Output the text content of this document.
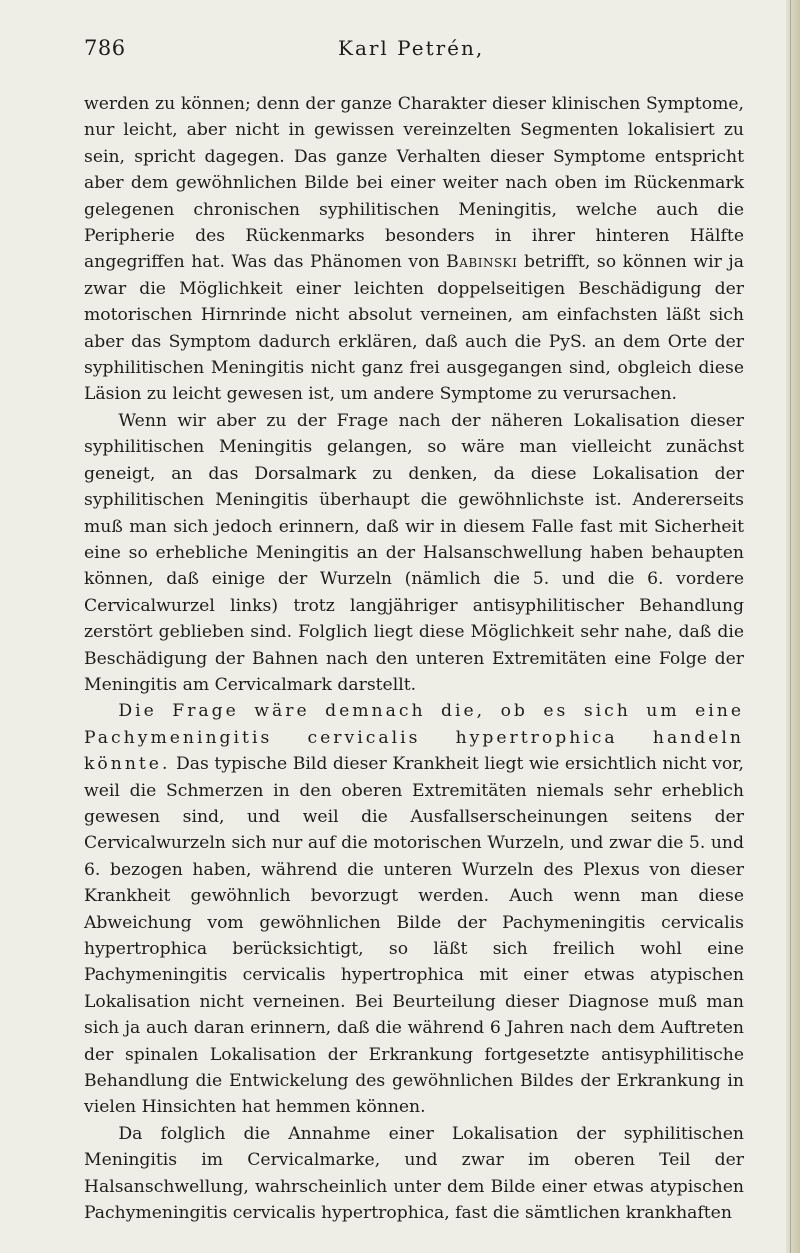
786	Karl Petrén,

werden zu können; denn der ganze Charakter dieser klinischen Symptome, nur leicht, aber nicht in gewissen vereinzelten Segmenten lokalisiert zu sein, spricht dagegen. Das ganze Verhalten dieser Symptome entspricht aber dem gewöhnlichen Bilde bei einer weiter nach oben im Rückenmark gelegenen chronischen syphilitischen Meningitis, welche auch die Peripherie des Rückenmarks besonders in ihrer hinteren Hälfte angegriffen hat. Was das Phänomen von Babinski betrifft, so können wir ja zwar die Möglichkeit einer leichten doppelseitigen Beschädigung der motorischen Hirnrinde nicht absolut verneinen, am einfachsten läßt sich aber das Symptom dadurch erklären, daß auch die PyS. an dem Orte der syphilitischen Meningitis nicht ganz frei ausgegangen sind, obgleich diese Läsion zu leicht gewesen ist, um andere Symptome zu verursachen.

Wenn wir aber zu der Frage nach der näheren Lokalisation dieser syphilitischen Meningitis gelangen, so wäre man vielleicht zunächst geneigt, an das Dorsalmark zu denken, da diese Lokalisation der syphilitischen Meningitis überhaupt die gewöhnlichste ist. Andererseits muß man sich jedoch erinnern, daß wir in diesem Falle fast mit Sicherheit eine so erhebliche Meningitis an der Halsanschwellung haben behaupten können, daß einige der Wurzeln (nämlich die 5. und die 6. vordere Cervicalwurzel links) trotz langjähriger antisyphilitischer Behandlung zerstört geblieben sind. Folglich liegt diese Möglichkeit sehr nahe, daß die Beschädigung der Bahnen nach den unteren Extremitäten eine Folge der Meningitis am Cervicalmark darstellt.

Die Frage wäre demnach die, ob es sich um eine Pachymeningitis cervicalis hypertrophica handeln könnte. Das typische Bild dieser Krankheit liegt wie ersichtlich nicht vor, weil die Schmerzen in den oberen Extremitäten niemals sehr erheblich gewesen sind, und weil die Ausfallserscheinungen seitens der Cervicalwurzeln sich nur auf die motorischen Wurzeln, und zwar die 5. und 6. bezogen haben, während die unteren Wurzeln des Plexus von dieser Krankheit gewöhnlich bevorzugt werden. Auch wenn man diese Abweichung vom gewöhnlichen Bilde der Pachymeningitis cervicalis hypertrophica berücksichtigt, so läßt sich freilich wohl eine Pachymeningitis cervicalis hypertrophica mit einer etwas atypischen Lokalisation nicht verneinen. Bei Beurteilung dieser Diagnose muß man sich ja auch daran erinnern, daß die während 6 Jahren nach dem Auftreten der spinalen Lokalisation der Erkrankung fortgesetzte antisyphilitische Behandlung die Entwickelung des gewöhnlichen Bildes der Erkrankung in vielen Hinsichten hat hemmen können.

Da folglich die Annahme einer Lokalisation der syphilitischen Meningitis im Cervicalmarke, und zwar im oberen Teil der Halsanschwellung, wahrscheinlich unter dem Bilde einer etwas atypischen Pachymeningitis cervicalis hypertrophica, fast die sämtlichen krankhaften
